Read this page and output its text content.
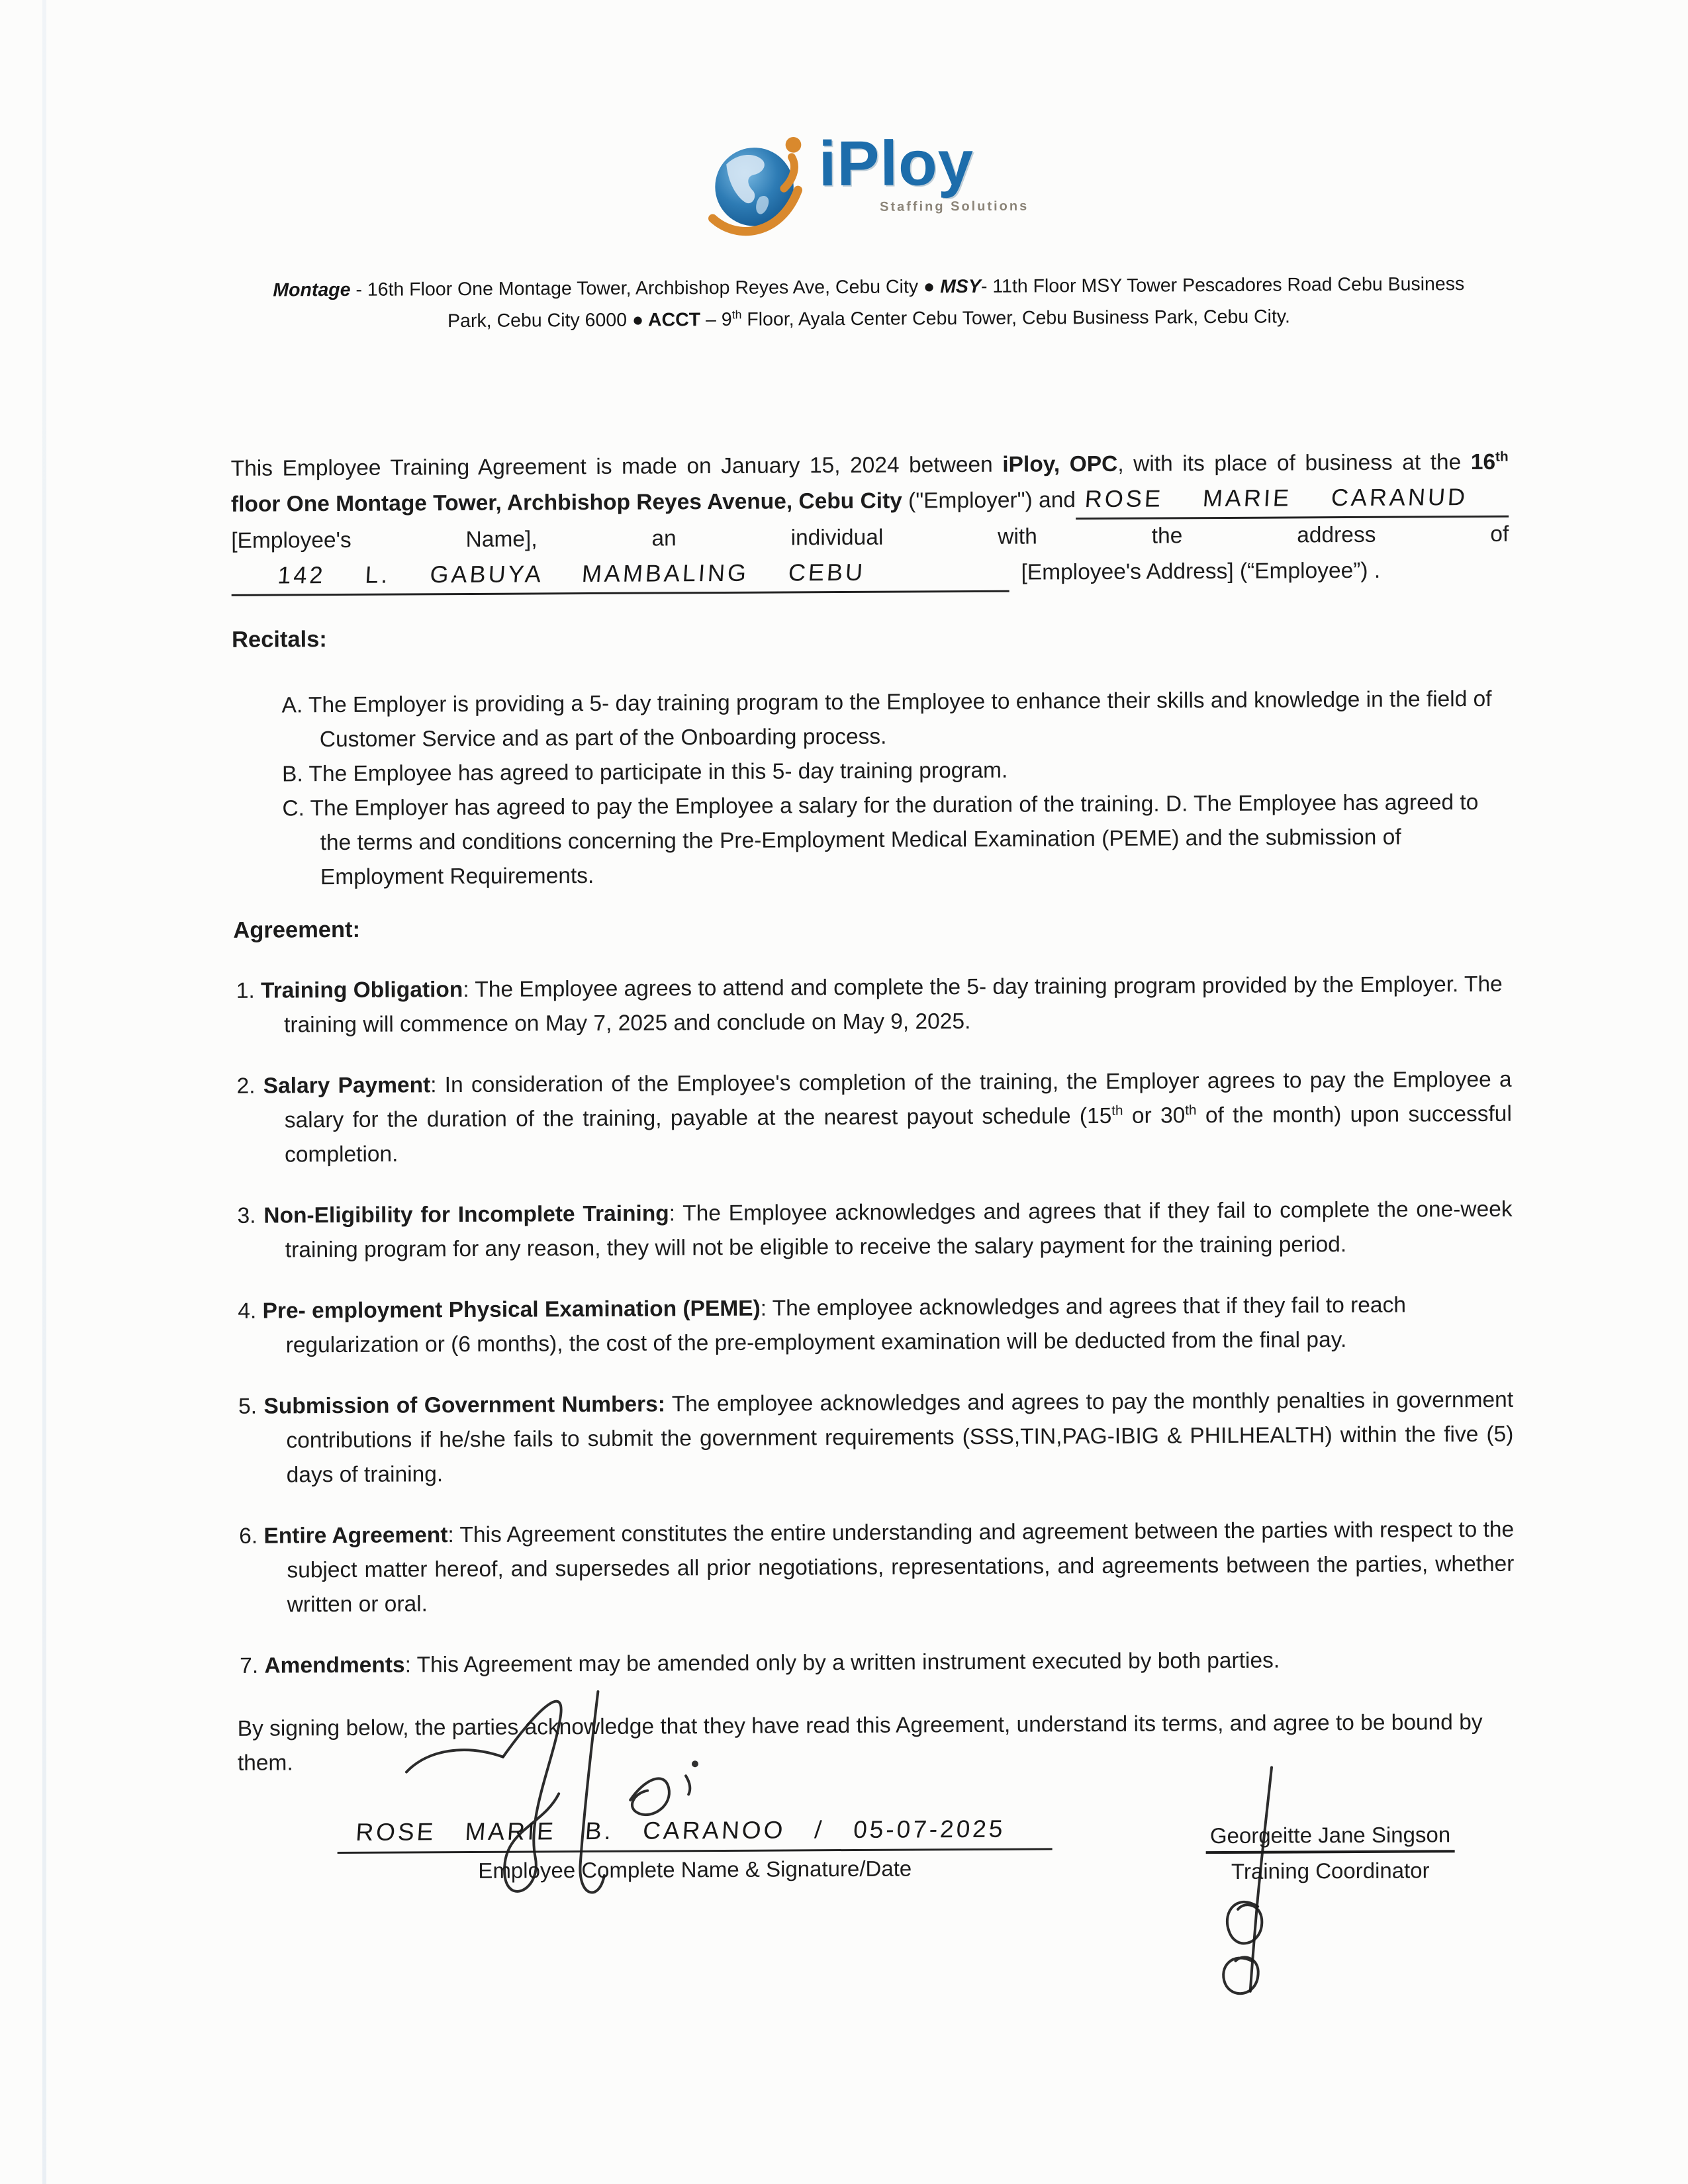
iPloy
Staffing Solutions
Montage - 16th Floor One Montage Tower, Archbishop Reyes Ave, Cebu City ● MSY- 11th Floor MSY Tower Pescadores Road Cebu Business Park, Cebu City 6000 ● ACCT – 9th Floor, Ayala Center Cebu Tower, Cebu Business Park, Cebu City.
This Employee Training Agreement is made on January 15, 2024 between iPloy, OPC, with its place of business at the 16th
floor One Montage Tower, Archbishop Reyes Avenue, Cebu City ("Employer") and ROSE MARIE CARANUD
[Employee's Name], an individual with the address of
142 L. GABUYA MAMBALING CEBU	[Employee's Address] (“Employee”) .
Recitals:
A. The Employer is providing a 5- day training program to the Employee to enhance their skills and knowledge in the field of Customer Service and as part of the Onboarding process.
B. The Employee has agreed to participate in this 5- day training program.
C. The Employer has agreed to pay the Employee a salary for the duration of the training. D. The Employee has agreed to the terms and conditions concerning the Pre-Employment Medical Examination (PEME) and the submission of Employment Requirements.
Agreement:
1. Training Obligation: The Employee agrees to attend and complete the 5- day training program provided by the Employer. The training will commence on May 7, 2025 and conclude on May 9, 2025.
2. Salary Payment: In consideration of the Employee's completion of the training, the Employer agrees to pay the Employee a salary for the duration of the training, payable at the nearest payout schedule (15th or 30th of the month) upon successful completion.
3. Non-Eligibility for Incomplete Training: The Employee acknowledges and agrees that if they fail to complete the one-week training program for any reason, they will not be eligible to receive the salary payment for the training period.
4. Pre- employment Physical Examination (PEME): The employee acknowledges and agrees that if they fail to reach regularization or (6 months), the cost of the pre-employment examination will be deducted from the final pay.
5. Submission of Government Numbers: The employee acknowledges and agrees to pay the monthly penalties in government contributions if he/she fails to submit the government requirements (SSS,TIN,PAG-IBIG & PHILHEALTH) within the five (5) days of training.
6. Entire Agreement: This Agreement constitutes the entire understanding and agreement between the parties with respect to the subject matter hereof, and supersedes all prior negotiations, representations, and agreements between the parties, whether written or oral.
7. Amendments: This Agreement may be amended only by a written instrument executed by both parties.
By signing below, the parties acknowledge that they have read this Agreement, understand its terms, and agree to be bound by them.
ROSE MARIE B. CARANOO / 05-07-2025
Employee Complete Name & Signature/Date
Georgeitte Jane Singson
Training Coordinator
